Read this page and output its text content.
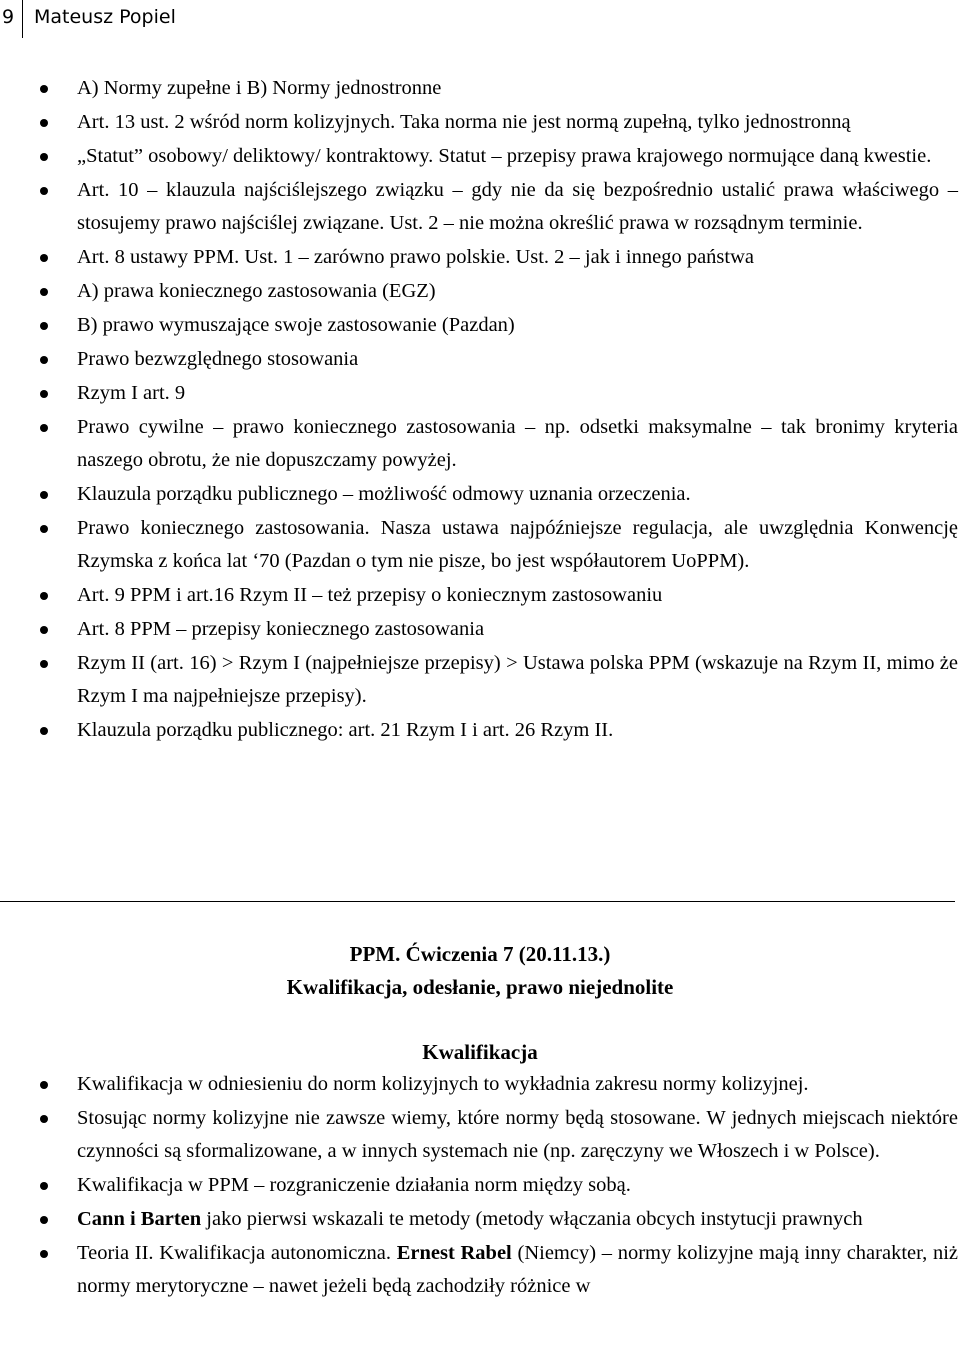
9 Mateusz Popiel
A) Normy zupełne i B) Normy jednostronne
Art. 13 ust. 2 wśród norm kolizyjnych. Taka norma nie jest normą zupełną, tylko jednostronną
„Statut” osobowy/ deliktowy/ kontraktowy. Statut – przepisy prawa krajowego normujące daną kwestie.
Art. 10 – klauzula najściślejszego związku – gdy nie da się bezpośrednio ustalić prawa właściwego – stosujemy prawo najściślej związane. Ust. 2 – nie można określić prawa w rozsądnym terminie.
Art. 8 ustawy PPM. Ust. 1 – zarówno prawo polskie. Ust. 2 – jak i innego państwa
A) prawa koniecznego zastosowania (EGZ)
B) prawo wymuszające swoje zastosowanie (Pazdan)
Prawo bezwzględnego stosowania
Rzym I art. 9
Prawo cywilne – prawo koniecznego zastosowania – np. odsetki maksymalne – tak bronimy kryteria naszego obrotu, że nie dopuszczamy powyżej.
Klauzula porządku publicznego – możliwość odmowy uznania orzeczenia.
Prawo koniecznego zastosowania. Nasza ustawa najpóźniejsze regulacja, ale uwzględnia Konwencję Rzymska z końca lat ‘70 (Pazdan o tym nie pisze, bo jest współautorem UoPPM).
Art. 9 PPM i art.16 Rzym II – też przepisy o koniecznym zastosowaniu
Art. 8 PPM – przepisy koniecznego zastosowania
Rzym II (art. 16) > Rzym I (najpełniejsze przepisy) > Ustawa polska PPM (wskazuje na Rzym II, mimo że Rzym I ma najpełniejsze przepisy).
Klauzula porządku publicznego: art. 21 Rzym I i art. 26 Rzym II.
PPM. Ćwiczenia 7 (20.11.13.)
Kwalifikacja, odesłanie, prawo niejednolite
Kwalifikacja
Kwalifikacja w odniesieniu do norm kolizyjnych to wykładnia zakresu normy kolizyjnej.
Stosując normy kolizyjne nie zawsze wiemy, które normy będą stosowane. W jednych miejscach niektóre czynności są sformalizowane, a w innych systemach nie (np. zaręczyny we Włoszech i w Polsce).
Kwalifikacja w PPM – rozgraniczenie działania norm między sobą.
Cann i Barten jako pierwsi wskazali te metody (metody włączania obcych instytucji prawnych
Teoria II. Kwalifikacja autonomiczna. Ernest Rabel (Niemcy) – normy kolizyjne mają inny charakter, niż normy merytoryczne – nawet jeżeli będą zachodziły różnice w
